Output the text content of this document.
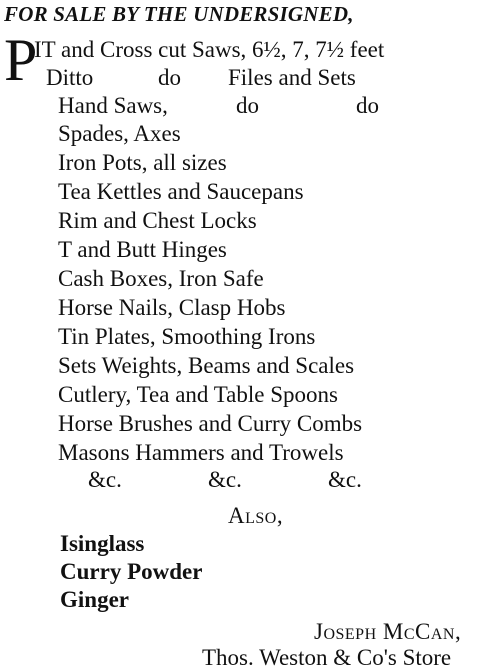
FOR SALE BY THE UNDERSIGNED,
P
IT and Cross cut Saws, 6½, 7, 7½ feet
Ditto	do Files and Sets
Hand Saws,	do	do
Spades, Axes
Iron Pots, all sizes
Tea Kettles and Saucepans
Rim and Chest Locks
T and Butt Hinges
Cash Boxes, Iron Safe
Horse Nails, Clasp Hobs
Tin Plates, Smoothing Irons
Sets Weights, Beams and Scales
Cutlery, Tea and Table Spoons
Horse Brushes and Curry Combs
Masons Hammers and Trowels
&c.	&c.	&c.
Also,
Isinglass
Curry Powder
Ginger
Joseph McCan,
Thos. Weston & Co's Store
